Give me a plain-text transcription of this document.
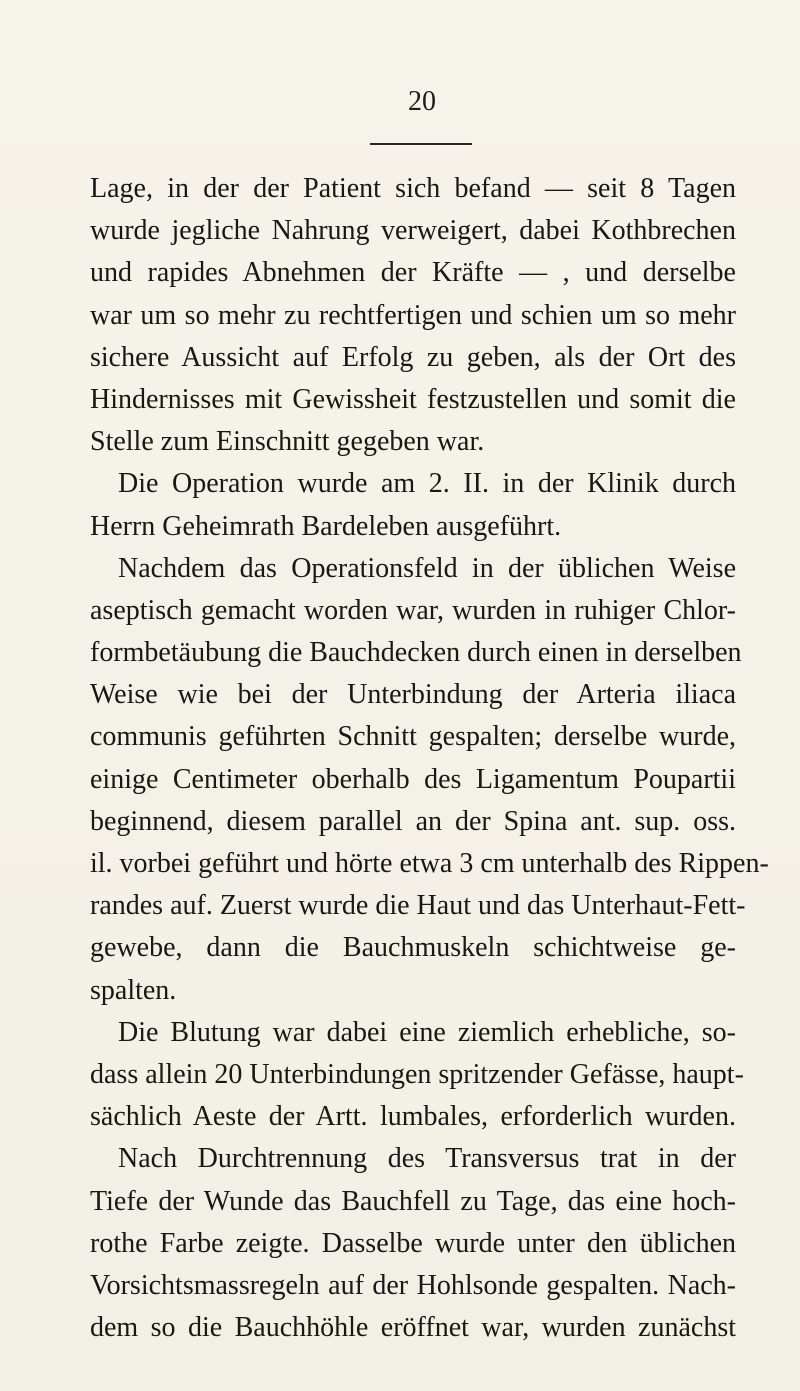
20
Lage, in der der Patient sich befand — seit 8 Tagen
wurde jegliche Nahrung verweigert, dabei Kothbrechen
und rapides Abnehmen der Kräfte — , und derselbe
war um so mehr zu rechtfertigen und schien um so mehr
sichere Aussicht auf Erfolg zu geben, als der Ort des
Hindernisses mit Gewissheit festzustellen und somit die
Stelle zum Einschnitt gegeben war.
Die Operation wurde am 2. II. in der Klinik durch
Herrn Geheimrath Bardeleben ausgeführt.
Nachdem das Operationsfeld in der üblichen Weise
aseptisch gemacht worden war, wurden in ruhiger Chlor-
formbetäubung die Bauchdecken durch einen in derselben
Weise wie bei der Unterbindung der Arteria iliaca
communis geführten Schnitt gespalten; derselbe wurde,
einige Centimeter oberhalb des Ligamentum Poupartii
beginnend, diesem parallel an der Spina ant. sup. oss.
il. vorbei geführt und hörte etwa 3 cm unterhalb des Rippen-
randes auf. Zuerst wurde die Haut und das Unterhaut-Fett-
gewebe, dann die Bauchmuskeln schichtweise ge-
spalten.
Die Blutung war dabei eine ziemlich erhebliche, so-
dass allein 20 Unterbindungen spritzender Gefässe, haupt-
sächlich Aeste der Artt. lumbales, erforderlich wurden.
Nach Durchtrennung des Transversus trat in der
Tiefe der Wunde das Bauchfell zu Tage, das eine hoch-
rothe Farbe zeigte. Dasselbe wurde unter den üblichen
Vorsichtsmassregeln auf der Hohlsonde gespalten. Nach-
dem so die Bauchhöhle eröffnet war, wurden zunächst
